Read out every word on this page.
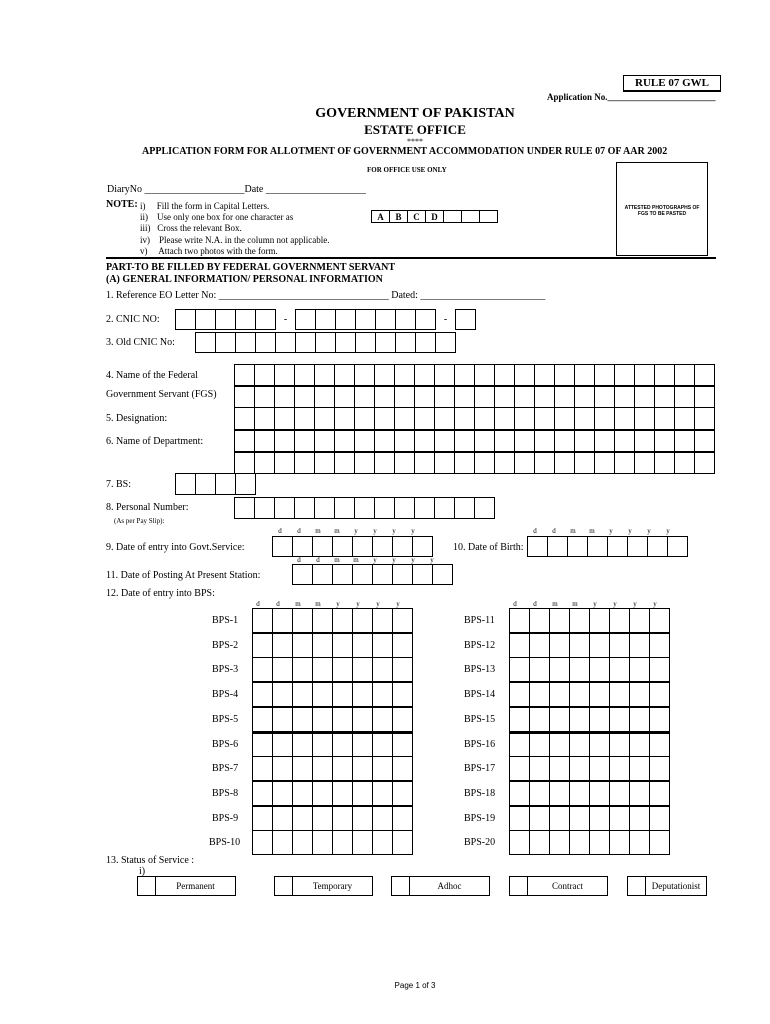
RULE 07 GWL
Application No.________________________
GOVERNMENT OF PAKISTAN
ESTATE OFFICE
****
APPLICATION FORM FOR ALLOTMENT OF GOVERNMENT ACCOMMODATION UNDER RULE 07 OF AAR 2002
FOR OFFICE USE ONLY
DiaryNo ____________________Date ____________________
ATTESTED PHOTOGRAPHS OF FGS TO BE PASTED
NOTE: i)     Fill the form in Capital Letters.
ii)    Use only one box for one character as
iii)   Cross the relevant Box.
iv)    Please write N.A. in the column not applicable.
v)     Attach two photos with the form.
A	B	C	D
PART-TO BE FILLED BY FEDERAL GOVERNMENT SERVANT
(A) GENERAL INFORMATION/ PERSONAL INFORMATION
1. Reference EO Letter No: __________________________________ Dated: _________________________
2. CNIC NO:
3. Old CNIC No:
4. Name of the Federal
Government Servant (FGS)
5. Designation:
6. Name of Department:
7. BS:
8. Personal Number:
(As per Pay Slip):
9. Date of entry into Govt.Service:	10. Date of Birth:
11. Date of Posting At Present Station:
12. Date of entry into BPS:
13. Status of Service :
i)
Page 1 of 3
-	-
d	d	m	m	y	y	y	y	d	d	m	m	y	y	y	y
d	d	m	m	y	y	y	y
d	d	m	m	y	y	y	y	d	d	m	m	y	y	y	y
BPS-1
BPS-2
BPS-3
BPS-4
BPS-5
BPS-6
BPS-7
BPS-8
BPS-9
BPS-10
BPS-11
BPS-12
BPS-13
BPS-14
BPS-15
BPS-16
BPS-17
BPS-18
BPS-19
BPS-20
Permanent	Temporary	Adhoc	Contract	Deputationist
